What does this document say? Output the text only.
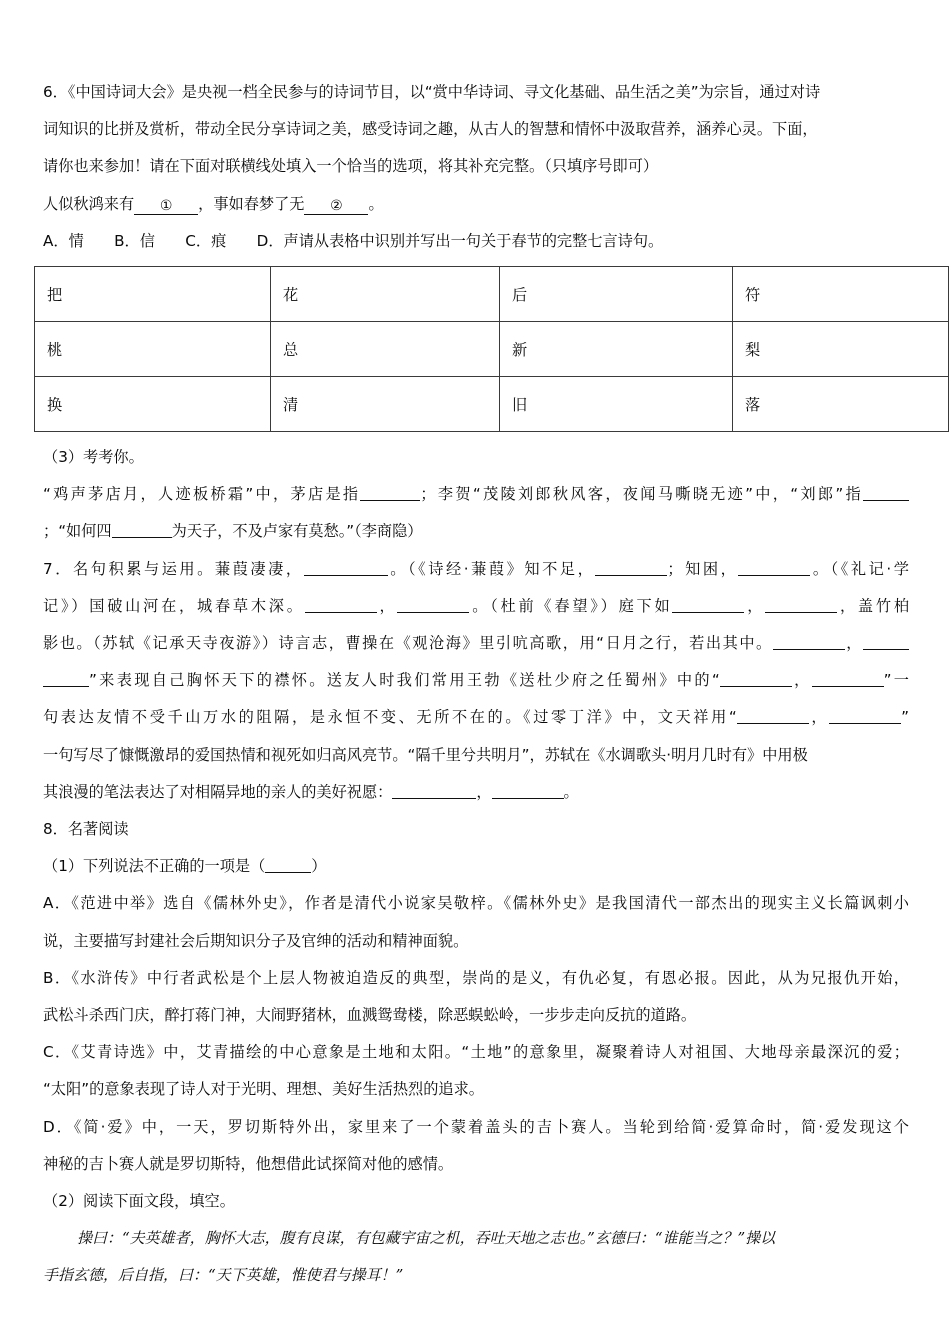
6．《中国诗词大会》是央视一档全民参与的诗词节目，以“赏中华诗词、寻文化基础、品生活之美”为宗旨，通过对诗

词知识的比拼及赏析，带动全民分享诗词之美，感受诗词之趣，从古人的智慧和情怀中汲取营养，涵养心灵。下面，

请你也来参加！请在下面对联横线处填入一个恰当的选项，将其补充完整。（只填序号即可）

人似秋鸿来有 ① ，事如春梦了无 ② 。

A．情　　B．信　　C．痕　　D．声请从表格中识别并写出一句关于春节的完整七言诗句。

把	花	后	符
桃	总	新	梨
换	清	旧	落

（3）考考你。

“鸡声茅店月，人迹板桥霜”中，茅店是指	；李贺“茂陵刘郎秋风客，夜闻马嘶晓无迹”中，“刘郎”指

；“如何四	为天子，不及卢家有莫愁。”（李商隐）

7．名句积累与运用。蒹葭凄凄，	。（《诗经·蒹葭》知不足，	；知困，	。（《礼记·学

记》）国破山河在，城春草木深。	，	。（杜前《春望》）庭下如	，	，盖竹柏

影也。（苏轼《记承天寺夜游》）诗言志，曹操在《观沧海》里引吭高歌，用“日月之行，若出其中。	，

”来表现自己胸怀天下的襟怀。送友人时我们常用王勃《送杜少府之任蜀州》中的“	，	”一

句表达友情不受千山万水的阻隔，是永恒不变、无所不在的。《过零丁洋》中，文天祥用“	，	”

一句写尽了慷慨激昂的爱国热情和视死如归高风亮节。“隔千里兮共明月”，苏轼在《水调歌头·明月几时有》中用极

其浪漫的笔法表达了对相隔异地的亲人的美好祝愿：	，	。

8．名著阅读

（1）下列说法不正确的一项是（	）

A．《范进中举》选自《儒林外史》，作者是清代小说家吴敬梓。《儒林外史》是我国清代一部杰出的现实主义长篇讽刺小

说，主要描写封建社会后期知识分子及官绅的活动和精神面貌。

B．《水浒传》中行者武松是个上层人物被迫造反的典型，崇尚的是义，有仇必复，有恩必报。因此，从为兄报仇开始，

武松斗杀西门庆，醉打蒋门神，大闹野猪林，血溅鸳鸯楼，除恶蜈蚣岭，一步步走向反抗的道路。

C．《艾青诗选》中，艾青描绘的中心意象是土地和太阳。“土地”的意象里，凝聚着诗人对祖国、大地母亲最深沉的爱；

“太阳”的意象表现了诗人对于光明、理想、美好生活热烈的追求。

D．《简·爱》中，一天，罗切斯特外出，家里来了一个蒙着盖头的吉卜赛人。当轮到给简·爱算命时，简·爱发现这个

神秘的吉卜赛人就是罗切斯特，他想借此试探简对他的感情。

（2）阅读下面文段，填空。

操曰：“夫英雄者，胸怀大志，腹有良谋，有包藏宇宙之机，吞吐天地之志也。”玄德曰：“谁能当之？”操以

手指玄德，后自指，曰：“天下英雄，惟使君与操耳！”
